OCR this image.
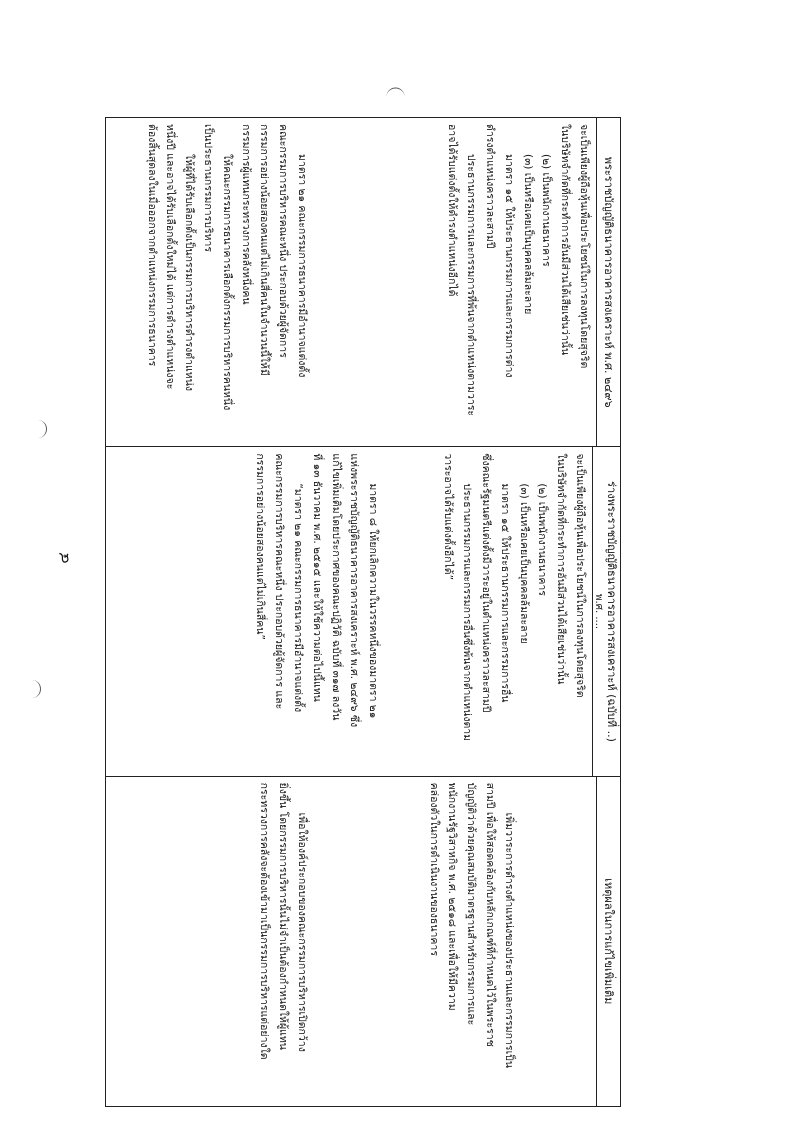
๔
พระราชบัญญัติธนาคารอาคารสงเคราะห์ พ.ศ. ๒๔๙๖
จะเป็นเพียงผู้ถือหุ้นเพื่อประโยชน์ในการลงทุนโดยสุจริต
ในบริษัทจำกัดที่กระทำการอันมีส่วนได้เสียเช่นว่านั้น
(๒) เป็นพนักงานธนาคาร
(๓) เป็นหรือเคยเป็นบุคคลล้มละลาย
มาตรา ๑๕ ให้ประธานกรรมการและกรรมการต่าง
ดำรงตำแหน่งคราวละสามปี
ประธานกรรมการและกรรมการที่พ้นจากตำแหน่งตามวาระ
อาจได้รับแต่งตั้งให้ดำรงตำแหน่งอีกได้
มาตรา ๒๑ คณะกรรมการธนาคารมีอำนาจแต่งตั้ง
คณะกรรมการบริหารคณะหนึ่ง ประกอบด้วยผู้จัดการ
กรรมการอย่างน้อยสองคนแต่ไม่เกินสี่คนในจำนวนนี้ให้มี
กรรมการผู้แทนกระทรวงการคลังหนึ่งคน
ให้คณะกรรมการธนาคารเลือกตั้งกรรมการบริหารคนหนึ่ง
เป็นประธานกรรมการบริหาร
ให้ผู้ที่ได้รับเลือกตั้งเป็นกรรมการบริหารดำรงตำแหน่ง
หนึ่งปี และอาจได้รับเลือกตั้งใหม่ได้ แต่การดำรงตำแหน่งจะ
ต้องสิ้นสุดลงในเมื่อออกจากตำแหน่งกรรมการธนาคาร
ร่างพระราชบัญญัติธนาคารอาคารสงเคราะห์ (ฉบับที่ ..)
พ.ศ. ....
จะเป็นเพียงผู้ถือหุ้นเพื่อประโยชน์ในการลงทุนโดยสุจริต
ในบริษัทจำกัดที่กระทำการอันมีส่วนได้เสียเช่นว่านั้น
(๒) เป็นพนักงานธนาคาร
(๓) เป็นหรือเคยเป็นบุคคลล้มละลาย
มาตรา ๑๕ ให้ประธานกรรมการและกรรมการอื่น
ซึ่งคณะรัฐมนตรีแต่งตั้งมีวาระอยู่ในตำแหน่งคราวละสามปี
ประธานกรรมการและกรรมการอื่นซึ่งพ้นจากตำแหน่งตาม
วาระอาจได้รับแต่งตั้งอีกได้”
มาตรา ๘ ให้ยกเลิกความในวรรคหนึ่งของมาตรา ๒๑
แห่งพระราชบัญญัติธนาคารอาคารสงเคราะห์ พ.ศ. ๒๔๙๖ ซึ่ง
แก้ไขเพิ่มเติมโดยประกาศของคณะปฏิวัติ ฉบับที่ ๓๑๗ ลงวัน
ที่ ๑๓ ธันวาคม พ.ศ. ๒๕๑๕ และให้ใช้ความต่อไปนี้แทน
“มาตรา ๒๑ คณะกรรมการธนาคารมีอำนาจแต่งตั้ง
คณะกรรมการบริหารคณะหนึ่ง ประกอบด้วยผู้จัดการ และ
กรรมการอย่างน้อยสองคนแต่ไม่เกินสี่คน”
เหตุผลในการแก้ไขเพิ่มเติม
เพิ่มวาระการดำรงตำแหน่งของประธานและกรรมการเป็น
สามปี เพื่อให้สอดคล้องกับหลักเกณฑ์ที่กำหนดไว้ในพระราช
บัญญัติว่าด้วยคุณสมบัติมาตรฐานสำหรับกรรมการและ
พนักงานรัฐวิสาหกิจ พ.ศ. ๒๕๑๘ และเพื่อให้มีความ
คล่องตัวในการดำเนินงานของธนาคาร
เพื่อให้องค์ประกอบของคณะกรรมการบริหารเปิดกว้าง
ยิ่งขึ้น โดยกรรมการบริหารนั้นไม่จำเป็นต้องกำหนดให้ผู้แทน
กระทรวงการคลังจะต้องเข้ามาเป็นกรรมการบริหารแต่อย่างใด
